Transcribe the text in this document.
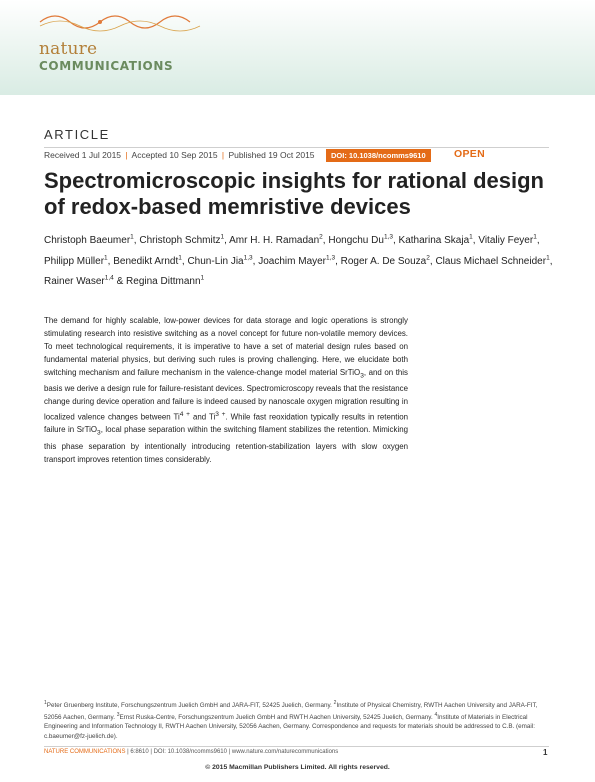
nature
COMMUNICATIONS
ARTICLE
Received 1 Jul 2015 | Accepted 10 Sep 2015 | Published 19 Oct 2015	DOI: 10.1038/ncomms9610	OPEN
Spectromicroscopic insights for rational design of redox-based memristive devices
Christoph Baeumer$^1$, Christoph Schmitz$^1$, Amr H. H. Ramadan$^2$, Hongchu Du$^{1,3}$, Katharina Skaja$^1$, Vitaliy Feyer$^1$, Philipp Müller$^1$, Benedikt Arndt$^1$, Chun-Lin Jia$^{1,3}$, Joachim Mayer$^{1,3}$, Roger A. De Souza$^2$, Claus Michael Schneider$^1$, Rainer Waser$^{1,4}$ & Regina Dittmann$^1$
The demand for highly scalable, low-power devices for data storage and logic operations is strongly stimulating research into resistive switching as a novel concept for future non-volatile memory devices. To meet technological requirements, it is imperative to have a set of material design rules based on fundamental material physics, but deriving such rules is proving challenging. Here, we elucidate both switching mechanism and failure mechanism in the valence-change model material SrTiO$_3$, and on this basis we derive a design rule for failure-resistant devices. Spectromicroscopy reveals that the resistance change during device operation and failure is indeed caused by nanoscale oxygen migration resulting in localized valence changes between $Ti^{4 +}$ and $Ti^{3 +}$. While fast reoxidation typically results in retention failure in SrTiO$_3$, local phase separation within the switching filament stabilizes the retention. Mimicking this phase separation by intentionally introducing retention-stabilization layers with slow oxygen transport improves retention times considerably.
$^1$Peter Gruenberg Institute, Forschungszentrum Juelich GmbH and JARA-FIT, 52425 Juelich, Germany. $^2$Institute of Physical Chemistry, RWTH Aachen University and JARA-FIT, 52056 Aachen, Germany. $^3$Ernst Ruska-Centre, Forschungszentrum Juelich GmbH and RWTH Aachen University, 52425 Juelich, Germany. $^4$Institute of Materials in Electrical Engineering and Information Technology II, RWTH Aachen University, 52056 Aachen, Germany. Correspondence and requests for materials should be addressed to C.B. (email: c.baeumer@fz-juelich.de).
NATURE COMMUNICATIONS | 6:8610 | DOI: 10.1038/ncomms9610 | www.nature.com/naturecommunications	1
© 2015 Macmillan Publishers Limited. All rights reserved.
